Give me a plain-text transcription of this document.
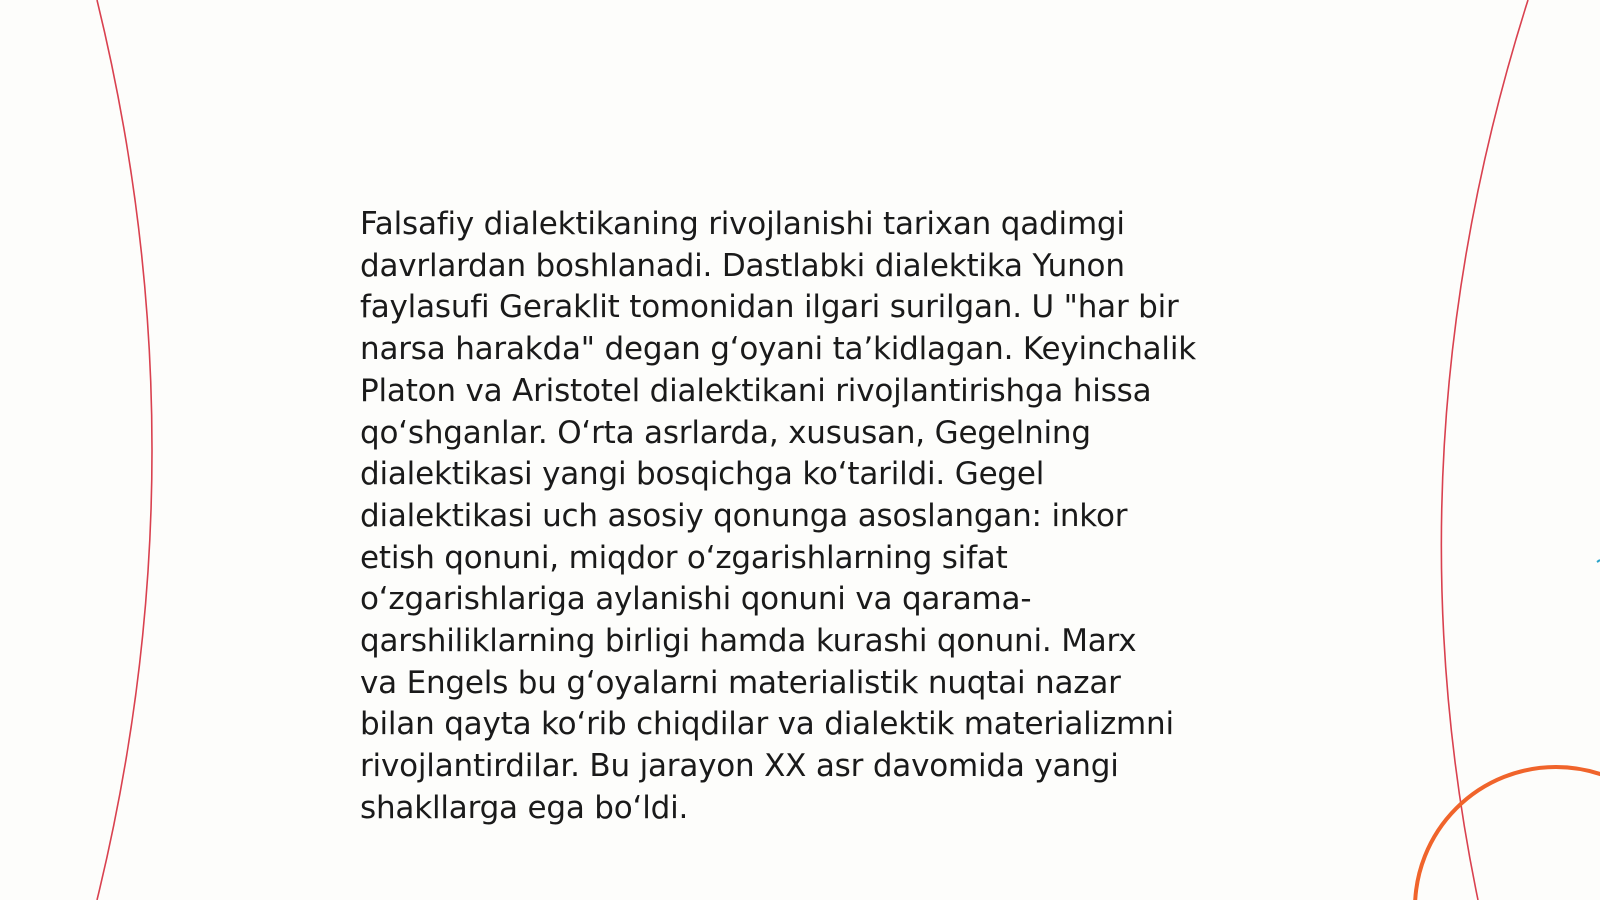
Falsafiy dialektikaning rivojlanishi tarixan qadimgi
davrlardan boshlanadi. Dastlabki dialektika Yunon
faylasufi Geraklit tomonidan ilgari surilgan. U "har bir
narsa harakda" degan gʻoyani taʼkidlagan. Keyinchalik
Platon va Aristotel dialektikani rivojlantirishga hissa
qoʻshganlar. Oʻrta asrlarda, xususan, Gegelning
dialektikasi yangi bosqichga koʻtarildi. Gegel
dialektikasi uch asosiy qonunga asoslangan: inkor
etish qonuni, miqdor oʻzgarishlarning sifat
oʻzgarishlariga aylanishi qonuni va qarama-
qarshiliklarning birligi hamda kurashi qonuni. Marx
va Engels bu gʻoyalarni materialistik nuqtai nazar
bilan qayta koʻrib chiqdilar va dialektik materializmni
rivojlantirdilar. Bu jarayon XX asr davomida yangi
shakllarga ega boʻldi.
